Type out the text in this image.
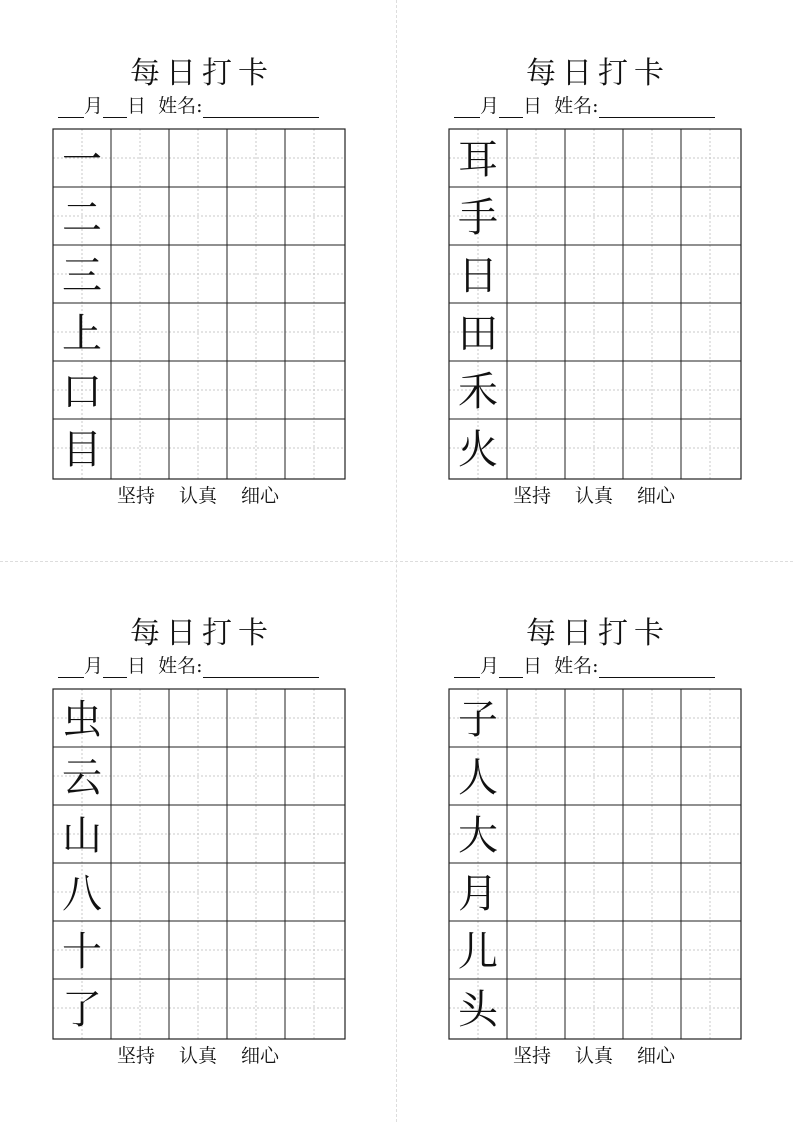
每日打卡
月 日 姓名:
一
二
三
上
口
目
坚持 认真 细心
每日打卡
月 日 姓名:
耳
手
日
田
禾
火
坚持 认真 细心
每日打卡
月 日 姓名:
虫
云
山
八
十
了
坚持 认真 细心
每日打卡
月 日 姓名:
子
人
大
月
儿
头
坚持 认真 细心
